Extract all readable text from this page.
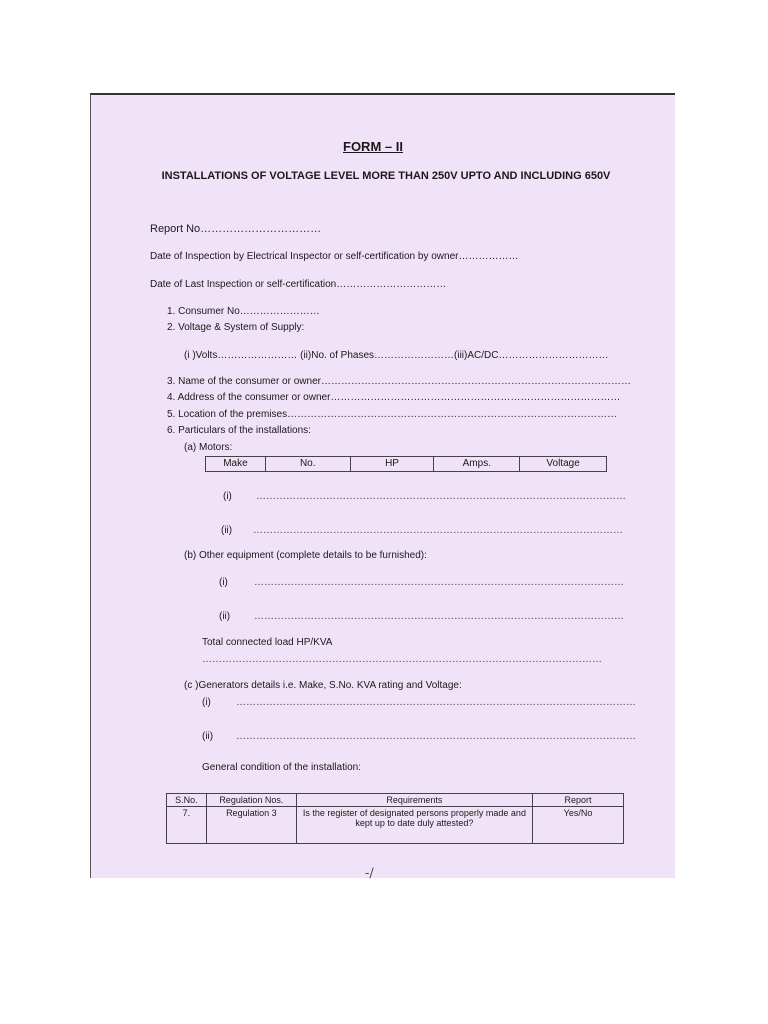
FORM – II
INSTALLATIONS OF VOLTAGE LEVEL MORE THAN 250V UPTO AND INCLUDING 650V
Report No……………………………
Date of Inspection by Electrical Inspector or self-certification by owner………………
Date of Last Inspection or self-certification……………………………
1. Consumer No……………………
2. Voltage & System of Supply:
(i )Volts…………………… (ii)No. of Phases……………………(iii)AC/DC……………………………
3. Name of the consumer or owner…………………………………………………………………………………
4. Address of the consumer or owner……………………………………………………………………………
5. Location of the premises………………………………………………………………………………………
6. Particulars of the installations:
(a) Motors:
Make	No.	HP	Amps.	Voltage
(i) …………………………………………………………………………………………………
(ii) …………………………………………………………………………………………………
(b) Other equipment (complete details to be furnished):
(i)	…………………………………………………………………………………………………
(ii) …………………………………………………………………………………………………
Total connected load HP/KVA
…………………………………………………………………………………………………………
(c )Generators details i.e. Make, S.No. KVA rating and Voltage:
(i)	…………………………………………………………………………………………………………
(ii) …………………………………………………………………………………………………………
General condition of the installation:
S.No.	Regulation Nos.	Requirements	Report
7.	Regulation 3	Is the register of designated persons properly made and kept up to date duly attested?	Yes/No
-/
